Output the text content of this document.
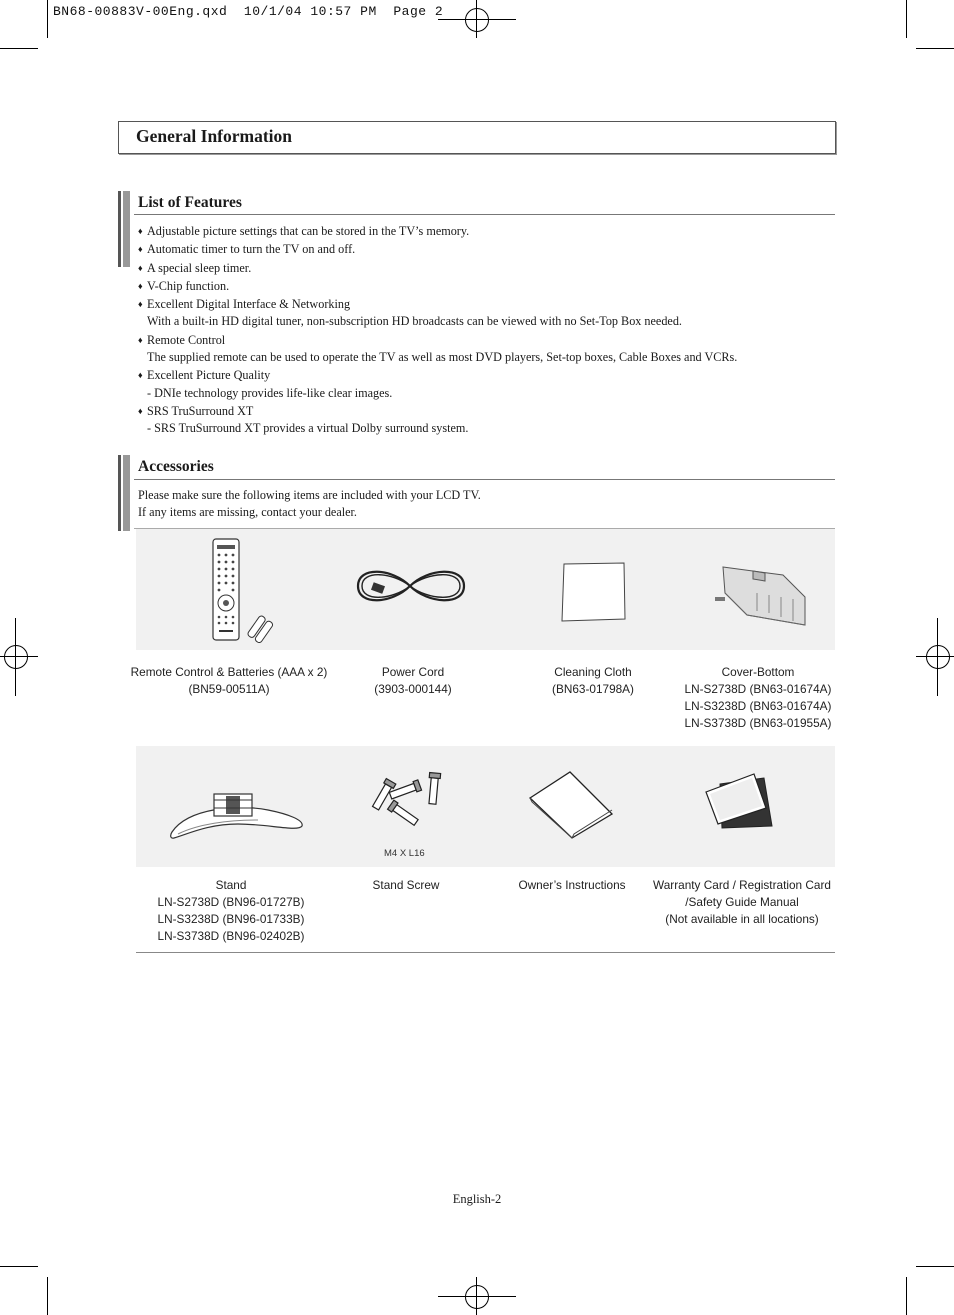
BN68-00883V-00Eng.qxd  10/1/04 10:57 PM  Page 2
General Information
List of Features
♦ Adjustable picture settings that can be stored in the TV’s memory.
♦ Automatic timer to turn the TV on and off.
♦ A special sleep timer.
♦ V-Chip function.
♦ Excellent Digital Interface & Networking
With a built-in HD digital tuner, non-subscription HD broadcasts can be viewed with no Set-Top Box needed.
♦ Remote Control
The supplied remote can be used to operate the TV as well as most DVD players, Set-top boxes, Cable Boxes and VCRs.
♦ Excellent Picture Quality
- DNIe technology provides life-like clear images.
♦ SRS TruSurround XT
- SRS TruSurround XT provides a virtual Dolby surround system.
Accessories
Please make sure the following items are included with your LCD TV.
If any items are missing, contact your dealer.
Remote Control & Batteries (AAA x 2)
(BN59-00511A)
Power Cord
(3903-000144)
Cleaning Cloth
(BN63-01798A)
Cover-Bottom
LN-S2738D (BN63-01674A)
LN-S3238D (BN63-01674A)
LN-S3738D (BN63-01955A)
M4 X L16
Stand
LN-S2738D (BN96-01727B)
LN-S3238D (BN96-01733B)
LN-S3738D (BN96-02402B)
Stand Screw	Owner’s Instructions	Warranty Card / Registration Card
/Safety Guide Manual
(Not available in all locations)
English-2
